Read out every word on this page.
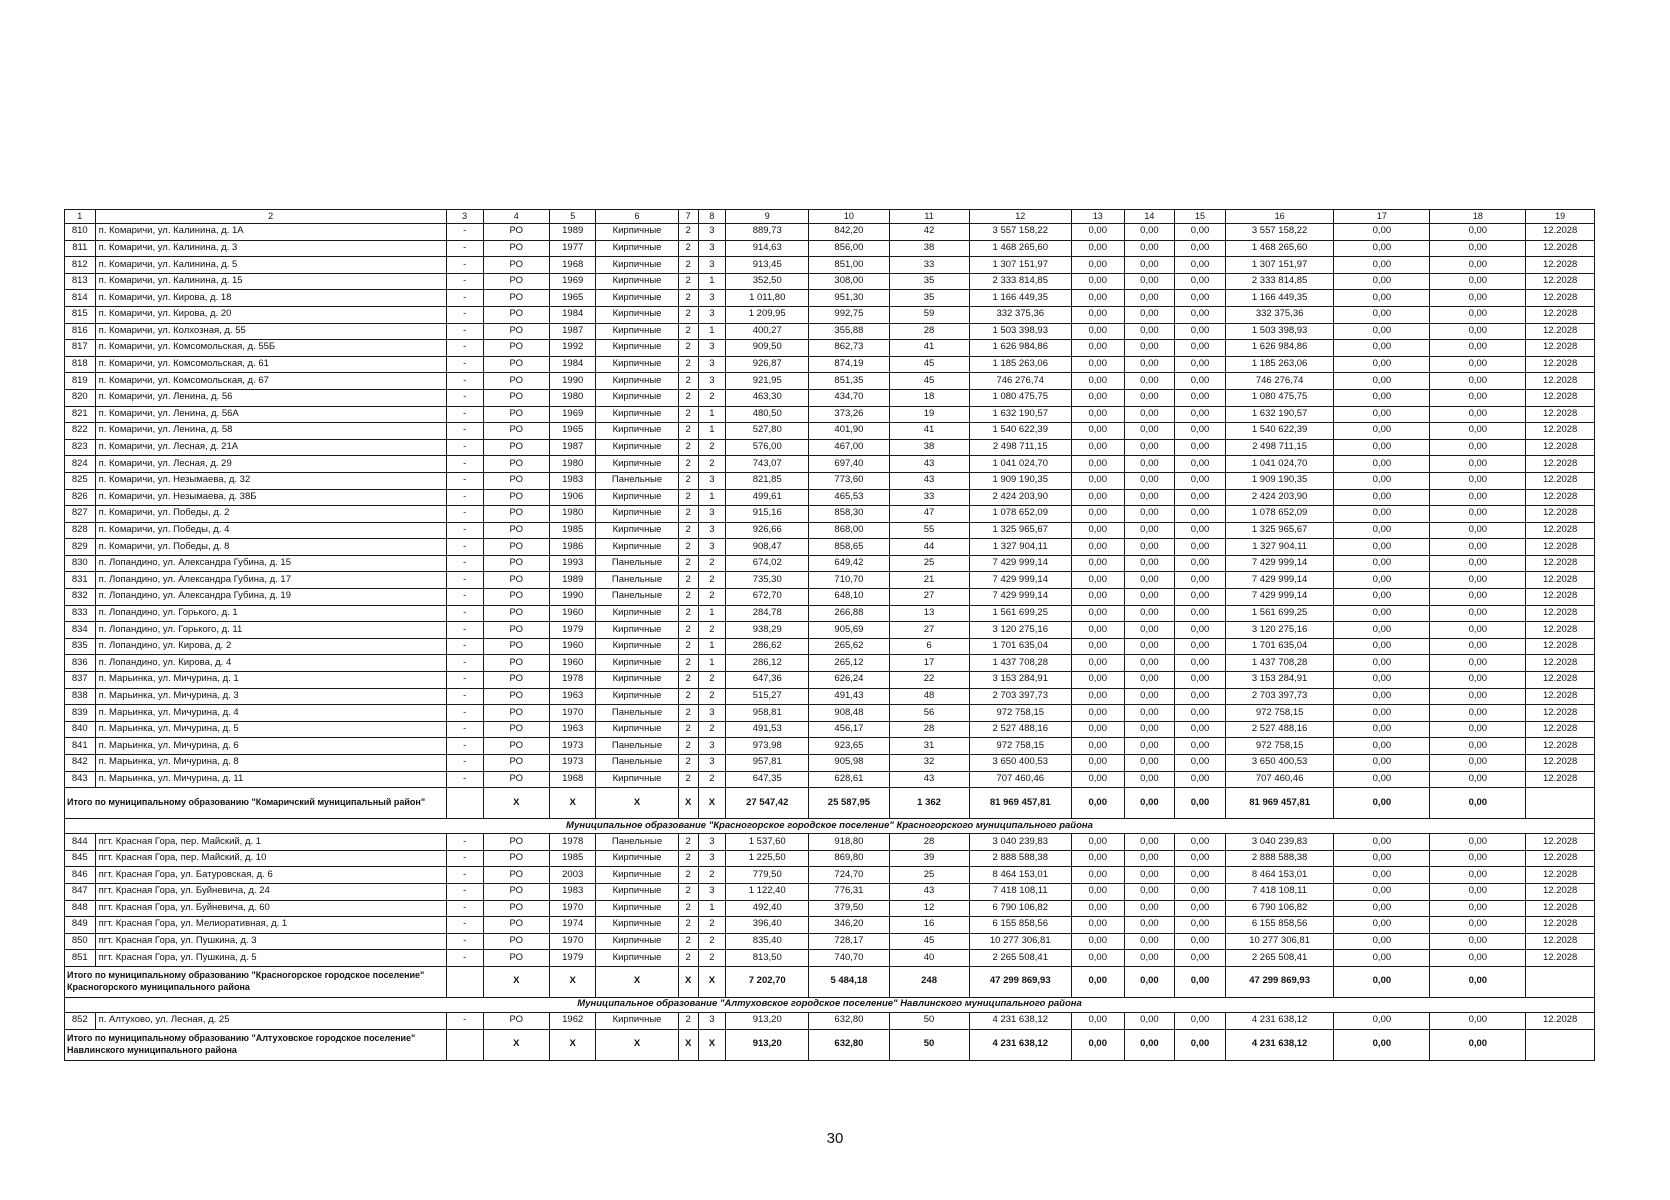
1	2	3	4	5	6	7	8	9	10	11	12	13	14	15	16	17	18	19
810	п. Комаричи, ул. Калинина, д. 1А	-	РО	1989	Кирпичные	2	3	889,73	842,20	42	3 557 158,22	0,00	0,00	0,00	3 557 158,22	0,00	0,00	12.2028
811	п. Комаричи, ул. Калинина, д. 3	-	РО	1977	Кирпичные	2	3	914,63	856,00	38	1 468 265,60	0,00	0,00	0,00	1 468 265,60	0,00	0,00	12.2028
812	п. Комаричи, ул. Калинина, д. 5	-	РО	1968	Кирпичные	2	3	913,45	851,00	33	1 307 151,97	0,00	0,00	0,00	1 307 151,97	0,00	0,00	12.2028
813	п. Комаричи, ул. Калинина, д. 15	-	РО	1969	Кирпичные	2	1	352,50	308,00	35	2 333 814,85	0,00	0,00	0,00	2 333 814,85	0,00	0,00	12.2028
814	п. Комаричи, ул. Кирова, д. 18	-	РО	1965	Кирпичные	2	3	1 011,80	951,30	35	1 166 449,35	0,00	0,00	0,00	1 166 449,35	0,00	0,00	12.2028
815	п. Комаричи, ул. Кирова, д. 20	-	РО	1984	Кирпичные	2	3	1 209,95	992,75	59	332 375,36	0,00	0,00	0,00	332 375,36	0,00	0,00	12.2028
816	п. Комаричи, ул. Колхозная, д. 55	-	РО	1987	Кирпичные	2	1	400,27	355,88	28	1 503 398,93	0,00	0,00	0,00	1 503 398,93	0,00	0,00	12.2028
817	п. Комаричи, ул. Комсомольская, д. 55Б	-	РО	1992	Кирпичные	2	3	909,50	862,73	41	1 626 984,86	0,00	0,00	0,00	1 626 984,86	0,00	0,00	12.2028
818	п. Комаричи, ул. Комсомольская, д. 61	-	РО	1984	Кирпичные	2	3	926,87	874,19	45	1 185 263,06	0,00	0,00	0,00	1 185 263,06	0,00	0,00	12.2028
819	п. Комаричи, ул. Комсомольская, д. 67	-	РО	1990	Кирпичные	2	3	921,95	851,35	45	746 276,74	0,00	0,00	0,00	746 276,74	0,00	0,00	12.2028
820	п. Комаричи, ул. Ленина, д. 56	-	РО	1980	Кирпичные	2	2	463,30	434,70	18	1 080 475,75	0,00	0,00	0,00	1 080 475,75	0,00	0,00	12.2028
821	п. Комаричи, ул. Ленина, д. 56А	-	РО	1969	Кирпичные	2	1	480,50	373,26	19	1 632 190,57	0,00	0,00	0,00	1 632 190,57	0,00	0,00	12.2028
822	п. Комаричи, ул. Ленина, д. 58	-	РО	1965	Кирпичные	2	1	527,80	401,90	41	1 540 622,39	0,00	0,00	0,00	1 540 622,39	0,00	0,00	12.2028
823	п. Комаричи, ул. Лесная, д. 21А	-	РО	1987	Кирпичные	2	2	576,00	467,00	38	2 498 711,15	0,00	0,00	0,00	2 498 711,15	0,00	0,00	12.2028
824	п. Комаричи, ул. Лесная, д. 29	-	РО	1980	Кирпичные	2	2	743,07	697,40	43	1 041 024,70	0,00	0,00	0,00	1 041 024,70	0,00	0,00	12.2028
825	п. Комаричи, ул. Незымаева, д. 32	-	РО	1983	Панельные	2	3	821,85	773,60	43	1 909 190,35	0,00	0,00	0,00	1 909 190,35	0,00	0,00	12.2028
826	п. Комаричи, ул. Незымаева, д. 38Б	-	РО	1906	Кирпичные	2	1	499,61	465,53	33	2 424 203,90	0,00	0,00	0,00	2 424 203,90	0,00	0,00	12.2028
827	п. Комаричи, ул. Победы, д. 2	-	РО	1980	Кирпичные	2	3	915,16	858,30	47	1 078 652,09	0,00	0,00	0,00	1 078 652,09	0,00	0,00	12.2028
828	п. Комаричи, ул. Победы, д. 4	-	РО	1985	Кирпичные	2	3	926,66	868,00	55	1 325 965,67	0,00	0,00	0,00	1 325 965,67	0,00	0,00	12.2028
829	п. Комаричи, ул. Победы, д. 8	-	РО	1986	Кирпичные	2	3	908,47	858,65	44	1 327 904,11	0,00	0,00	0,00	1 327 904,11	0,00	0,00	12.2028
830	п. Лопандино, ул. Александра Губина, д. 15	-	РО	1993	Панельные	2	2	674,02	649,42	25	7 429 999,14	0,00	0,00	0,00	7 429 999,14	0,00	0,00	12.2028
831	п. Лопандино, ул. Александра Губина, д. 17	-	РО	1989	Панельные	2	2	735,30	710,70	21	7 429 999,14	0,00	0,00	0,00	7 429 999,14	0,00	0,00	12.2028
832	п. Лопандино, ул. Александра Губина, д. 19	-	РО	1990	Панельные	2	2	672,70	648,10	27	7 429 999,14	0,00	0,00	0,00	7 429 999,14	0,00	0,00	12.2028
833	п. Лопандино, ул. Горького, д. 1	-	РО	1960	Кирпичные	2	1	284,78	266,88	13	1 561 699,25	0,00	0,00	0,00	1 561 699,25	0,00	0,00	12.2028
834	п. Лопандино, ул. Горького, д. 11	-	РО	1979	Кирпичные	2	2	938,29	905,69	27	3 120 275,16	0,00	0,00	0,00	3 120 275,16	0,00	0,00	12.2028
835	п. Лопандино, ул. Кирова, д. 2	-	РО	1960	Кирпичные	2	1	286,62	265,62	6	1 701 635,04	0,00	0,00	0,00	1 701 635,04	0,00	0,00	12.2028
836	п. Лопандино, ул. Кирова, д. 4	-	РО	1960	Кирпичные	2	1	286,12	265,12	17	1 437 708,28	0,00	0,00	0,00	1 437 708,28	0,00	0,00	12.2028
837	п. Марьинка, ул. Мичурина, д. 1	-	РО	1978	Кирпичные	2	2	647,36	626,24	22	3 153 284,91	0,00	0,00	0,00	3 153 284,91	0,00	0,00	12.2028
838	п. Марьинка, ул. Мичурина, д. 3	-	РО	1963	Кирпичные	2	2	515,27	491,43	48	2 703 397,73	0,00	0,00	0,00	2 703 397,73	0,00	0,00	12.2028
839	п. Марьинка, ул. Мичурина, д. 4	-	РО	1970	Панельные	2	3	958,81	908,48	56	972 758,15	0,00	0,00	0,00	972 758,15	0,00	0,00	12.2028
840	п. Марьинка, ул. Мичурина, д. 5	-	РО	1963	Кирпичные	2	2	491,53	456,17	28	2 527 488,16	0,00	0,00	0,00	2 527 488,16	0,00	0,00	12.2028
841	п. Марьинка, ул. Мичурина, д. 6	-	РО	1973	Панельные	2	3	973,98	923,65	31	972 758,15	0,00	0,00	0,00	972 758,15	0,00	0,00	12.2028
842	п. Марьинка, ул. Мичурина, д. 8	-	РО	1973	Панельные	2	3	957,81	905,98	32	3 650 400,53	0,00	0,00	0,00	3 650 400,53	0,00	0,00	12.2028
843	п. Марьинка, ул. Мичурина, д. 11	-	РО	1968	Кирпичные	2	2	647,35	628,61	43	707 460,46	0,00	0,00	0,00	707 460,46	0,00	0,00	12.2028
Итого по муниципальному образованию "Комаричский муниципальный район"			X	X	X	X	X	27 547,42	25 587,95	1 362	81 969 457,81	0,00	0,00	0,00	81 969 457,81	0,00	0,00	
Муниципальное образование "Красногорское городское поселение" Красногорского муниципального района																		
844	пгт. Красная Гора, пер. Майский, д. 1	-	РО	1978	Панельные	2	3	1 537,60	918,80	28	3 040 239,83	0,00	0,00	0,00	3 040 239,83	0,00	0,00	12.2028
845	пгт. Красная Гора, пер. Майский, д. 10	-	РО	1985	Кирпичные	2	3	1 225,50	869,80	39	2 888 588,38	0,00	0,00	0,00	2 888 588,38	0,00	0,00	12.2028
846	пгт. Красная Гора, ул. Батуровская, д. 6	-	РО	2003	Кирпичные	2	2	779,50	724,70	25	8 464 153,01	0,00	0,00	0,00	8 464 153,01	0,00	0,00	12.2028
847	пгт. Красная Гора, ул. Буйневича, д. 24	-	РО	1983	Кирпичные	2	3	1 122,40	776,31	43	7 418 108,11	0,00	0,00	0,00	7 418 108,11	0,00	0,00	12.2028
848	пгт. Красная Гора, ул. Буйневича, д. 60	-	РО	1970	Кирпичные	2	1	492,40	379,50	12	6 790 106,82	0,00	0,00	0,00	6 790 106,82	0,00	0,00	12.2028
849	пгт. Красная Гора, ул. Мелиоративная, д. 1	-	РО	1974	Кирпичные	2	2	396,40	346,20	16	6 155 858,56	0,00	0,00	0,00	6 155 858,56	0,00	0,00	12.2028
850	пгт. Красная Гора, ул. Пушкина, д. 3	-	РО	1970	Кирпичные	2	2	835,40	728,17	45	10 277 306,81	0,00	0,00	0,00	10 277 306,81	0,00	0,00	12.2028
851	пгт. Красная Гора, ул. Пушкина, д. 5	-	РО	1979	Кирпичные	2	2	813,50	740,70	40	2 265 508,41	0,00	0,00	0,00	2 265 508,41	0,00	0,00	12.2028
Итого по муниципальному образованию "Красногорское городское поселение" Красногорского муниципального района			X	X	X	X	X	7 202,70	5 484,18	248	47 299 869,93	0,00	0,00	0,00	47 299 869,93	0,00	0,00	
Муниципальное образование "Алтуховское городское поселение" Навлинского муниципального района																		
852	п. Алтухово, ул. Лесная, д. 25	-	РО	1962	Кирпичные	2	3	913,20	632,80	50	4 231 638,12	0,00	0,00	0,00	4 231 638,12	0,00	0,00	12.2028
Итого по муниципальному образованию "Алтуховское городское поселение" Навлинского муниципального района			X	X	X	X	X	913,20	632,80	50	4 231 638,12	0,00	0,00	0,00	4 231 638,12	0,00	0,00	
30
